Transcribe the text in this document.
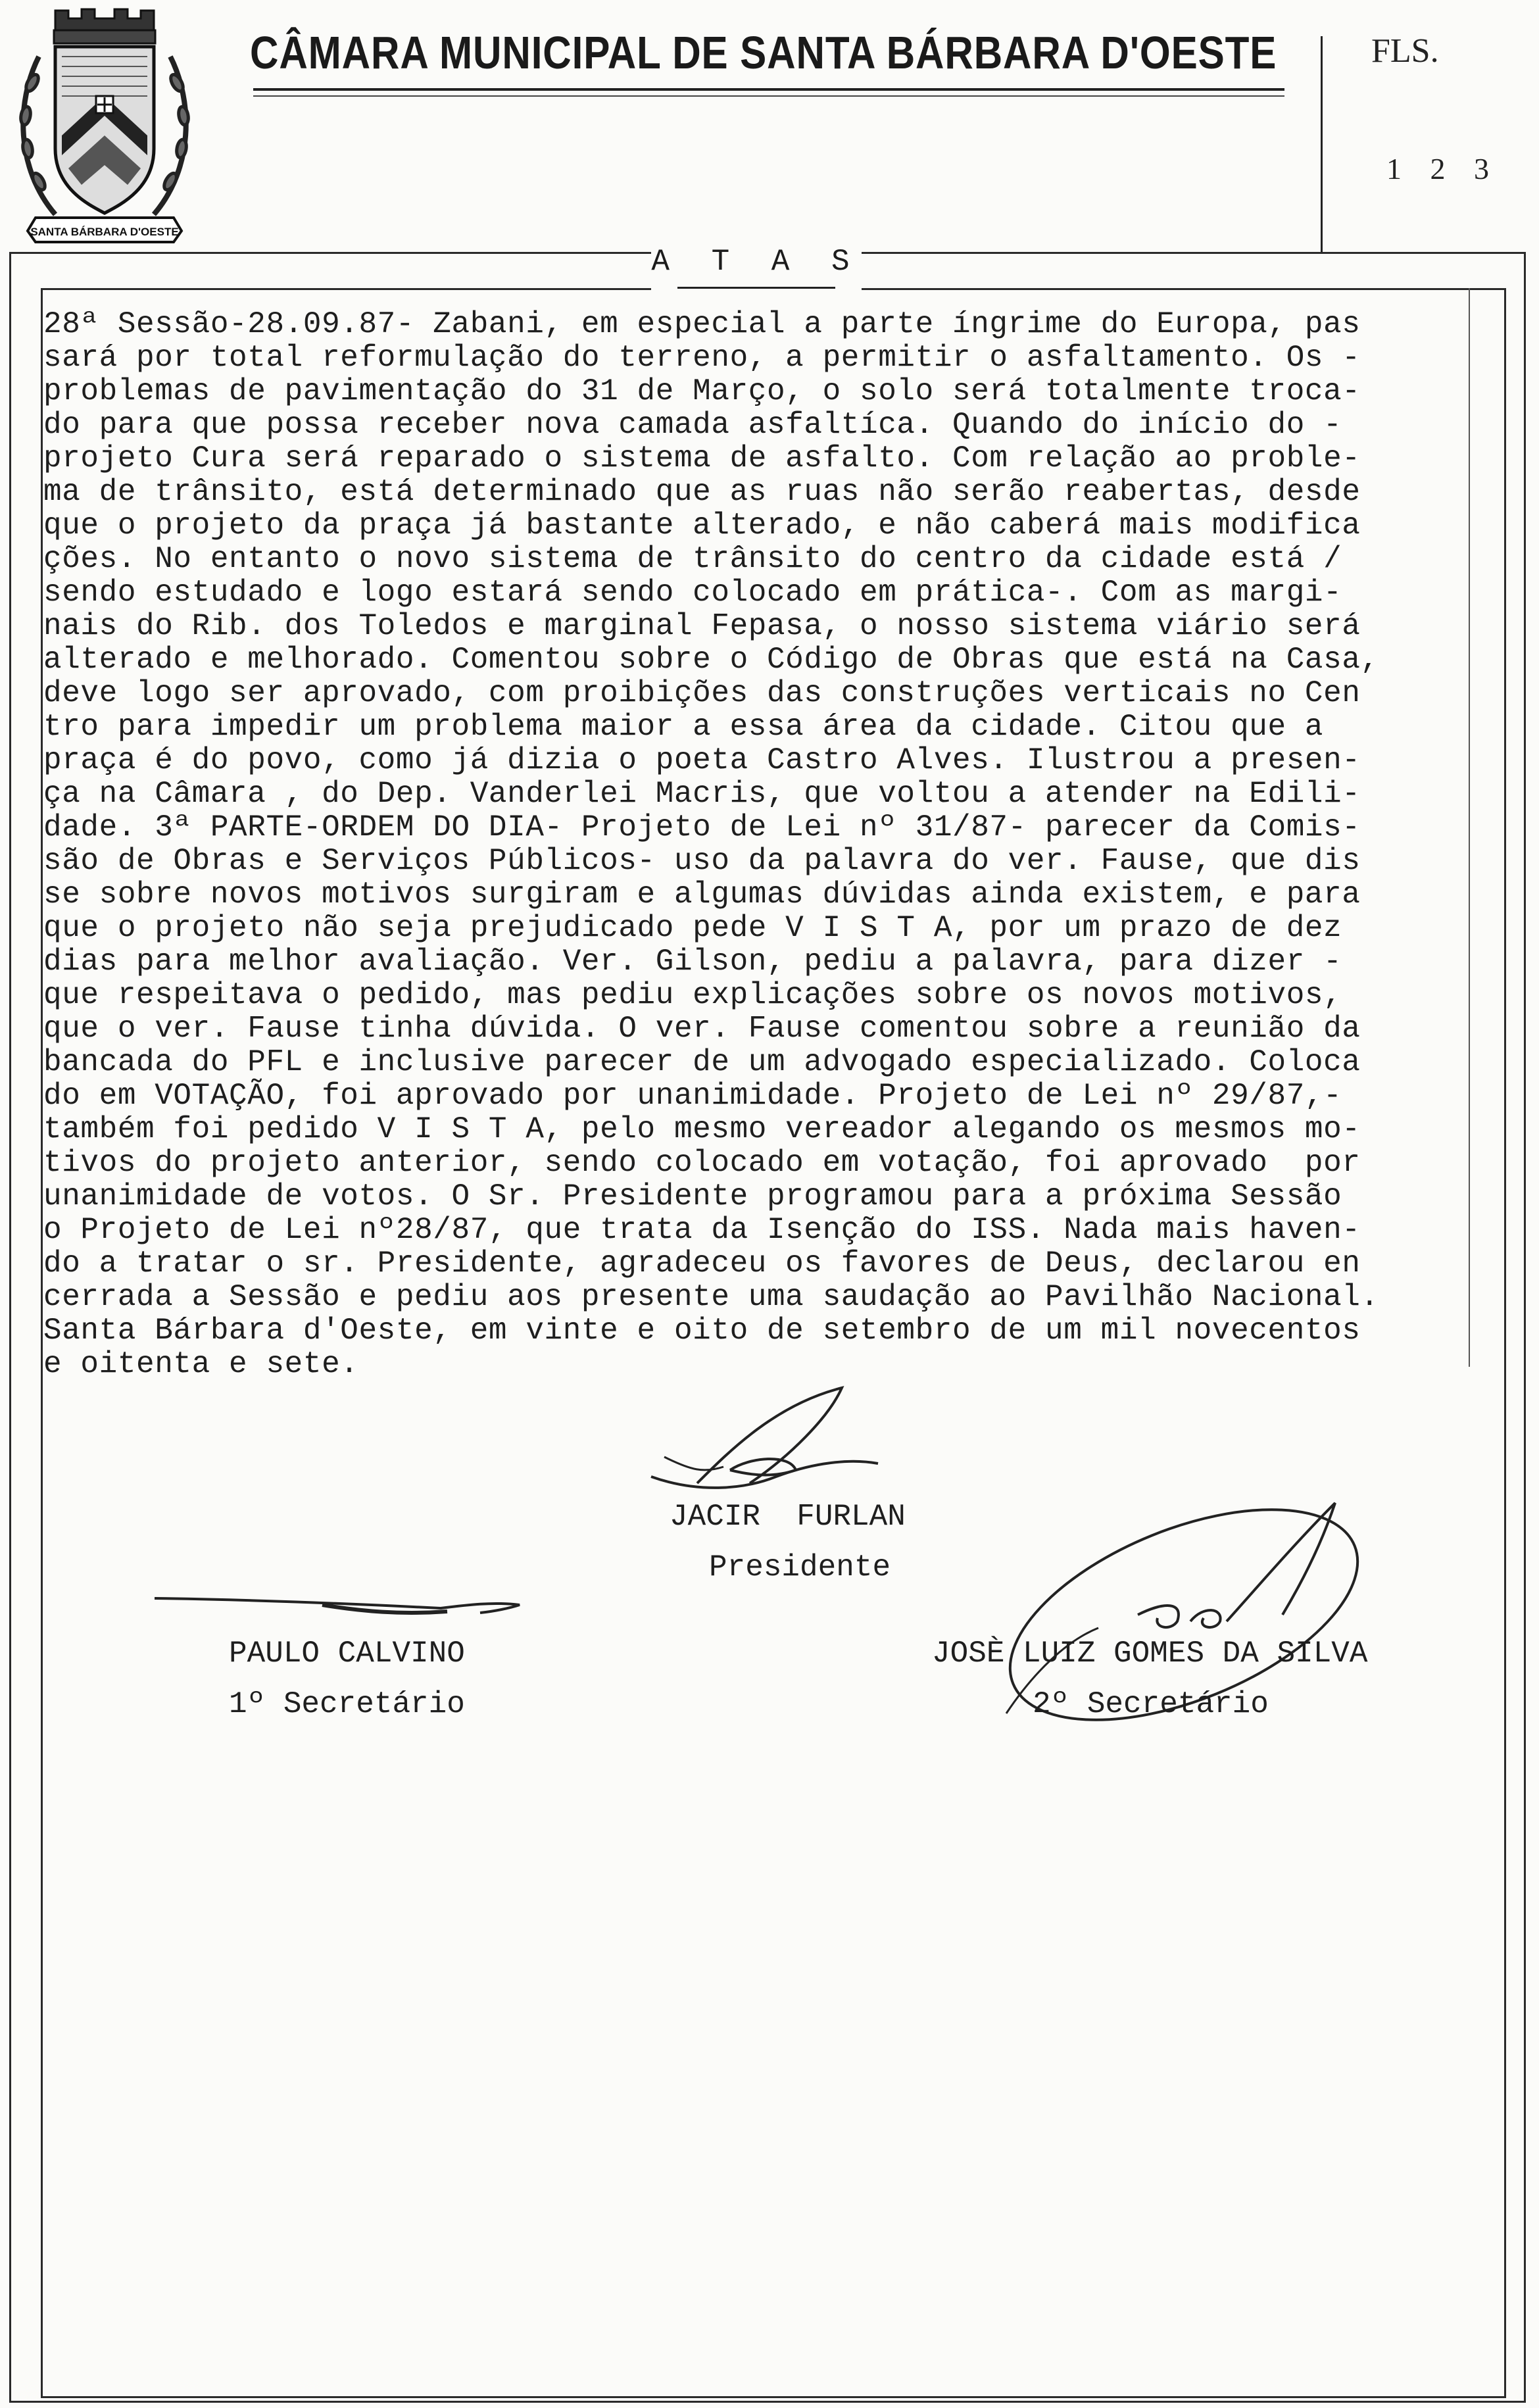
SANTA BÁRBARA D'OESTE
CÂMARA MUNICIPAL DE SANTA BÁRBARA D'OESTE	FLS.
1 2 3
A T A S
28ª Sessão-28.09.87- Zabani, em especial a parte íngrime do Europa, pas
sará por total reformulação do terreno, a permitir o asfaltamento. Os -
problemas de pavimentação do 31 de Março, o solo será totalmente troca-
do para que possa receber nova camada asfaltíca. Quando do início do -
projeto Cura será reparado o sistema de asfalto. Com relação ao proble-
ma de trânsito, está determinado que as ruas não serão reabertas, desde
que o projeto da praça já bastante alterado, e não caberá mais modifica
ções. No entanto o novo sistema de trânsito do centro da cidade está /
sendo estudado e logo estará sendo colocado em prática-. Com as margi-
nais do Rib. dos Toledos e marginal Fepasa, o nosso sistema viário será
alterado e melhorado. Comentou sobre o Código de Obras que está na Casa,
deve logo ser aprovado, com proibições das construções verticais no Cen
tro para impedir um problema maior a essa área da cidade. Citou que a
praça é do povo, como já dizia o poeta Castro Alves. Ilustrou a presen-
ça na Câmara , do Dep. Vanderlei Macris, que voltou a atender na Edili-
dade. 3ª PARTE-ORDEM DO DIA- Projeto de Lei nº 31/87- parecer da Comis-
são de Obras e Serviços Públicos- uso da palavra do ver. Fause, que dis
se sobre novos motivos surgiram e algumas dúvidas ainda existem, e para
que o projeto não seja prejudicado pede V I S T A, por um prazo de dez
dias para melhor avaliação. Ver. Gilson, pediu a palavra, para dizer -
que respeitava o pedido, mas pediu explicações sobre os novos motivos,
que o ver. Fause tinha dúvida. O ver. Fause comentou sobre a reunião da
bancada do PFL e inclusive parecer de um advogado especializado. Coloca
do em VOTAÇÃO, foi aprovado por unanimidade. Projeto de Lei nº 29/87,-
também foi pedido V I S T A, pelo mesmo vereador alegando os mesmos mo-
tivos do projeto anterior, sendo colocado em votação, foi aprovado  por
unanimidade de votos. O Sr. Presidente programou para a próxima Sessão
o Projeto de Lei nº28/87, que trata da Isenção do ISS. Nada mais haven-
do a tratar o sr. Presidente, agradeceu os favores de Deus, declarou en
cerrada a Sessão e pediu aos presente uma saudação ao Pavilhão Nacional.
Santa Bárbara d'Oeste, em vinte e oito de setembro de um mil novecentos
e oitenta e sete.
JACIR  FURLAN
Presidente
PAULO CALVINO
1º Secretário
JOSÈ LUIZ GOMES DA SILVA
2º Secretário
